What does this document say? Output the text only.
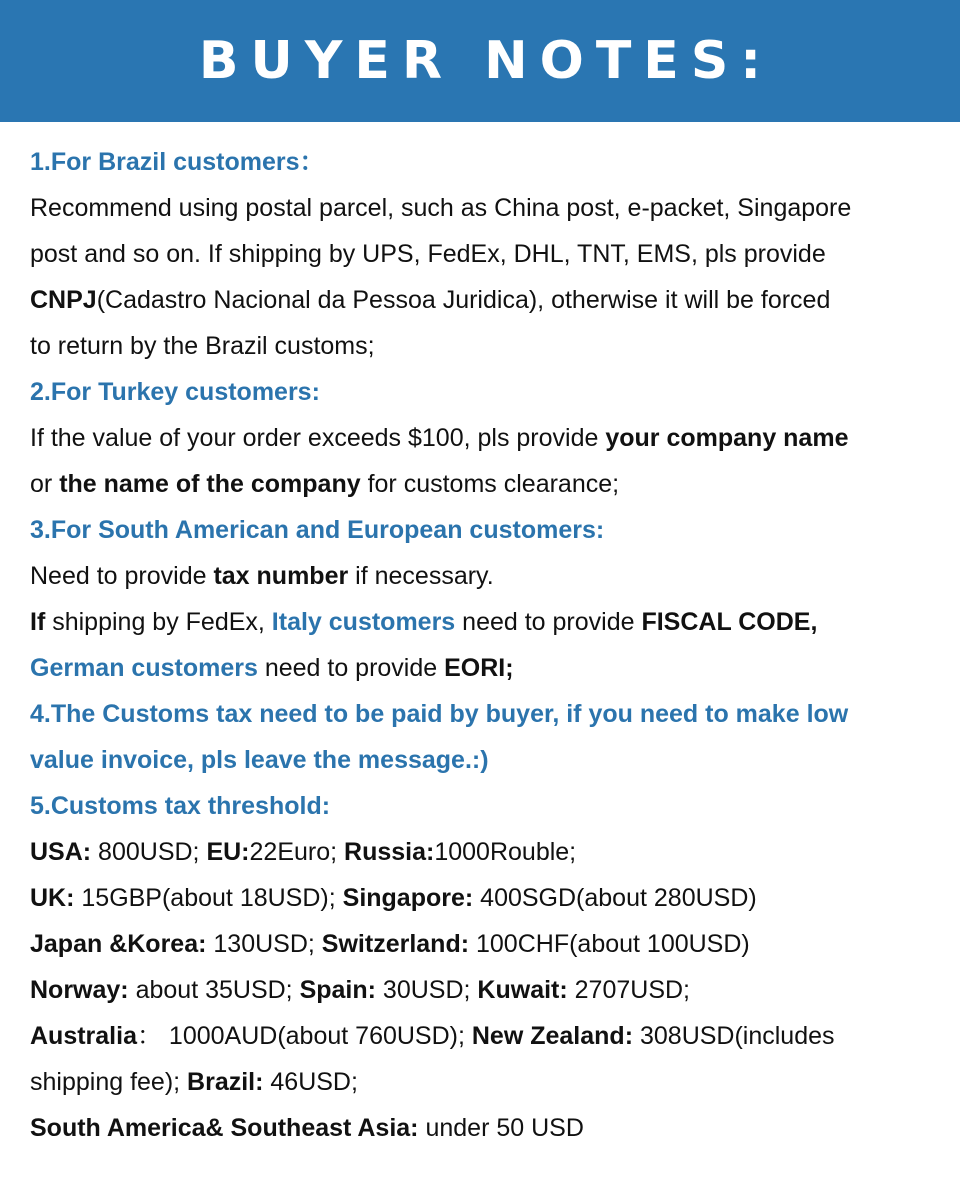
BUYER NOTES:
1.For Brazil customers：
Recommend using postal parcel, such as China post, e-packet, Singapore
post and so on. If shipping by UPS, FedEx, DHL, TNT, EMS, pls provide
CNPJ(Cadastro Nacional da Pessoa Juridica), otherwise it will be forced
to return by the Brazil customs;
2.For Turkey customers:
If the value of your order exceeds $100, pls provide your company name
or the name of the company for customs clearance;
3.For South American and European customers:
Need to provide tax number if necessary.
If shipping by FedEx, Italy customers need to provide FISCAL CODE,
German customers need to provide EORI;
4.The Customs tax need to be paid by buyer, if you need to make low
value invoice, pls leave the message.:)
5.Customs tax threshold:
USA: 800USD; EU:22Euro; Russia:1000Rouble;
UK: 15GBP(about 18USD); Singapore: 400SGD(about 280USD)
Japan &Korea: 130USD; Switzerland: 100CHF(about 100USD)
Norway: about 35USD; Spain: 30USD; Kuwait: 2707USD;
Australia： 1000AUD(about 760USD); New Zealand: 308USD(includes
shipping fee); Brazil: 46USD;
South America& Southeast Asia: under 50 USD
